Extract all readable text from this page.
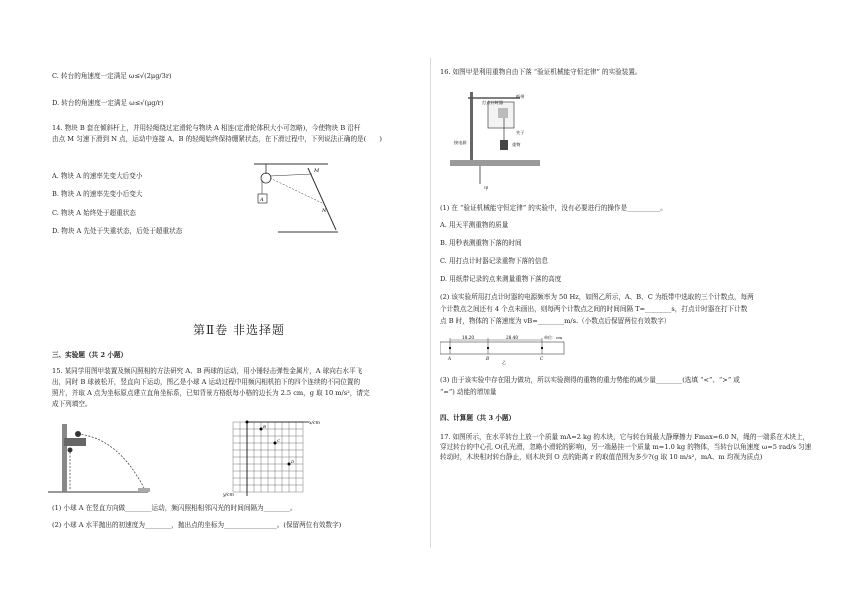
C. 转台的角速度一定满足 ω≤√(2μg/3r)
D. 转台的角速度一定满足 ω≤√(μg/r)
14. 物块 B 套在倾斜杆上，并用轻绳绕过定滑轮与物块 A 相连(定滑轮体积大小可忽略)，今使物块 B 沿杆
由点 M 匀速下滑到 N 点，运动中连接 A、B 的轻绳始终保持绷紧状态，在下滑过程中，下列说法正确的是(　　)
A. 物块 A 的速率先变大后变小
B. 物块 A 的速率先变小后变大
C. 物块 A 始终处于超重状态
D. 物块 A 先处于失重状态，后处于超重状态
M
N
A
第Ⅱ卷 非选择题
三、实验题（共 2 小题）
15. 某同学用图甲装置及频闪照相的方法研究 A、B 两球的运动，用小锤轻击弹性金属片，A 球向右水平飞
出，同时 B 球被松开，竖直向下运动，图乙是小球 A 运动过程中用频闪相机拍下的四个连续的不同位置的
照片，并取 A 点为坐标原点建立直角坐标系，已知背景方格纸每小格的边长为 2.5 cm，g 取 10 m/s²，请完
成下列填空。
x/cm
y/cm
B
C
D
(1) 小球 A 在竖直方向做________运动，频闪照相相邻闪光的时间间隔为________。
(2) 小球 A 水平抛出的初速度为________，抛出点的坐标为________________。(保留两位有效数字)
16. 如图甲是利用重物自由下落 “验证机械能守恒定律” 的实验装置。
打点计时器
纸带
夹子
接电源	重物
甲
(1) 在 “验证机械能守恒定律” 的实验中，没有必要进行的操作是__________。
A. 用天平测重物的质量
B. 用秒表测重物下落的时间
C. 用打点计时器记录重物下落的信息
D. 用纸带记录的点来测量重物下落的高度
(2) 该实验所用打点计时器的电源频率为 50 Hz，如图乙所示，A、B、C 为纸带中选取的三个计数点，每两
个计数点之间还有 4 个点未画出，则每两个计数点之间的时间间隔 T=________s，打点计时器在打下计数
点 B 时，物体的下落速度为 vB=________m/s.（小数点后保留两位有效数字）
18.20	28.40	单位：cm
A	B	C
乙
(3) 由于该实验中存在阻力做功，所以实验测得的重物的重力势能的减少量________(选填 “<”、“>” 或
“=”) 动能的增加量
四、计算题（共 3 小题）
17. 如图所示，在水平转台上放一个质量 mA=2 kg 的木块，它与转台间最大静摩擦力 Fmax=6.0 N，绳的一端系在木块上，穿过转台的中心孔 O(孔光滑，忽略小滑轮的影响)，另一端悬挂一个质量 m=1.0 kg 的物体，当转台以角速度 ω=5 rad/s 匀速转动时，木块相对转台静止，则木块到 O 点的距离 r 的取值范围为多少?(g 取 10 m/s²，mA、m 均视为质点)
